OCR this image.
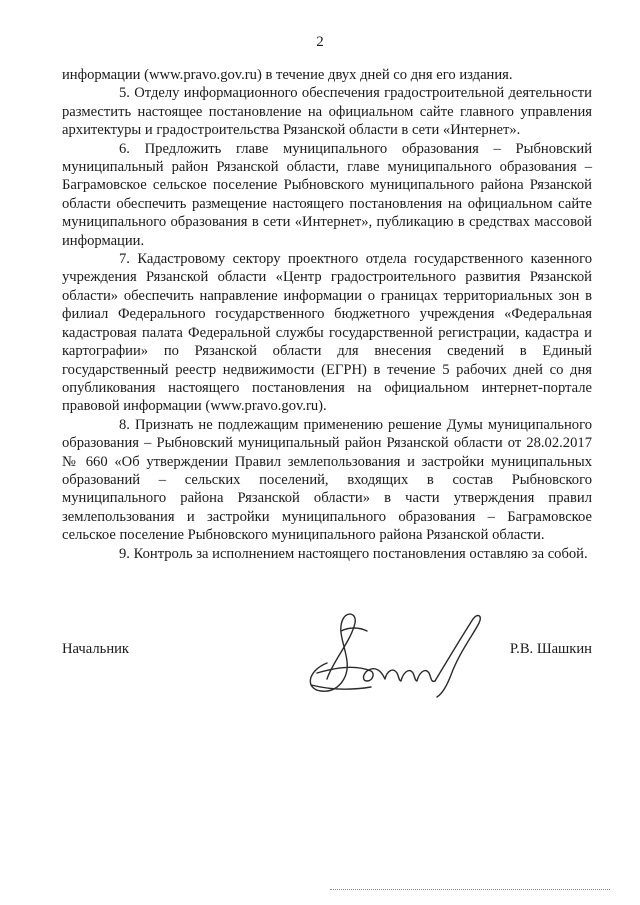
2

информации (www.pravo.gov.ru) в течение двух дней со дня его издания.

5. Отделу информационного обеспечения градостроительной деятельности разместить настоящее постановление на официальном сайте главного управления архитектуры и градостроительства Рязанской области в сети «Интернет».

6. Предложить главе муниципального образования – Рыбновский муниципальный район Рязанской области, главе муниципального образования – Баграмовское сельское поселение Рыбновского муниципального района Рязанской области обеспечить размещение настоящего постановления на официальном сайте муниципального образования в сети «Интернет», публикацию в средствах массовой информации.

7. Кадастровому сектору проектного отдела государственного казенного учреждения Рязанской области «Центр градостроительного развития Рязанской области» обеспечить направление информации о границах территориальных зон в филиал Федерального государственного бюджетного учреждения «Федеральная кадастровая палата Федеральной службы государственной регистрации, кадастра и картографии» по Рязанской области для внесения сведений в Единый государственный реестр недвижимости (ЕГРН) в течение 5 рабочих дней со дня опубликования настоящего постановления на официальном интернет-портале правовой информации (www.pravo.gov.ru).

8. Признать не подлежащим применению решение Думы муниципального образования – Рыбновский муниципальный район Рязанской области от 28.02.2017 № 660 «Об утверждении Правил землепользования и застройки муниципальных образований – сельских поселений, входящих в состав Рыбновского муниципального района Рязанской области» в части утверждения правил землепользования и застройки муниципального образования – Баграмовское сельское поселение Рыбновского муниципального района Рязанской области.

9. Контроль за исполнением настоящего постановления оставляю за собой.

Начальник	Р.В. Шашкин
